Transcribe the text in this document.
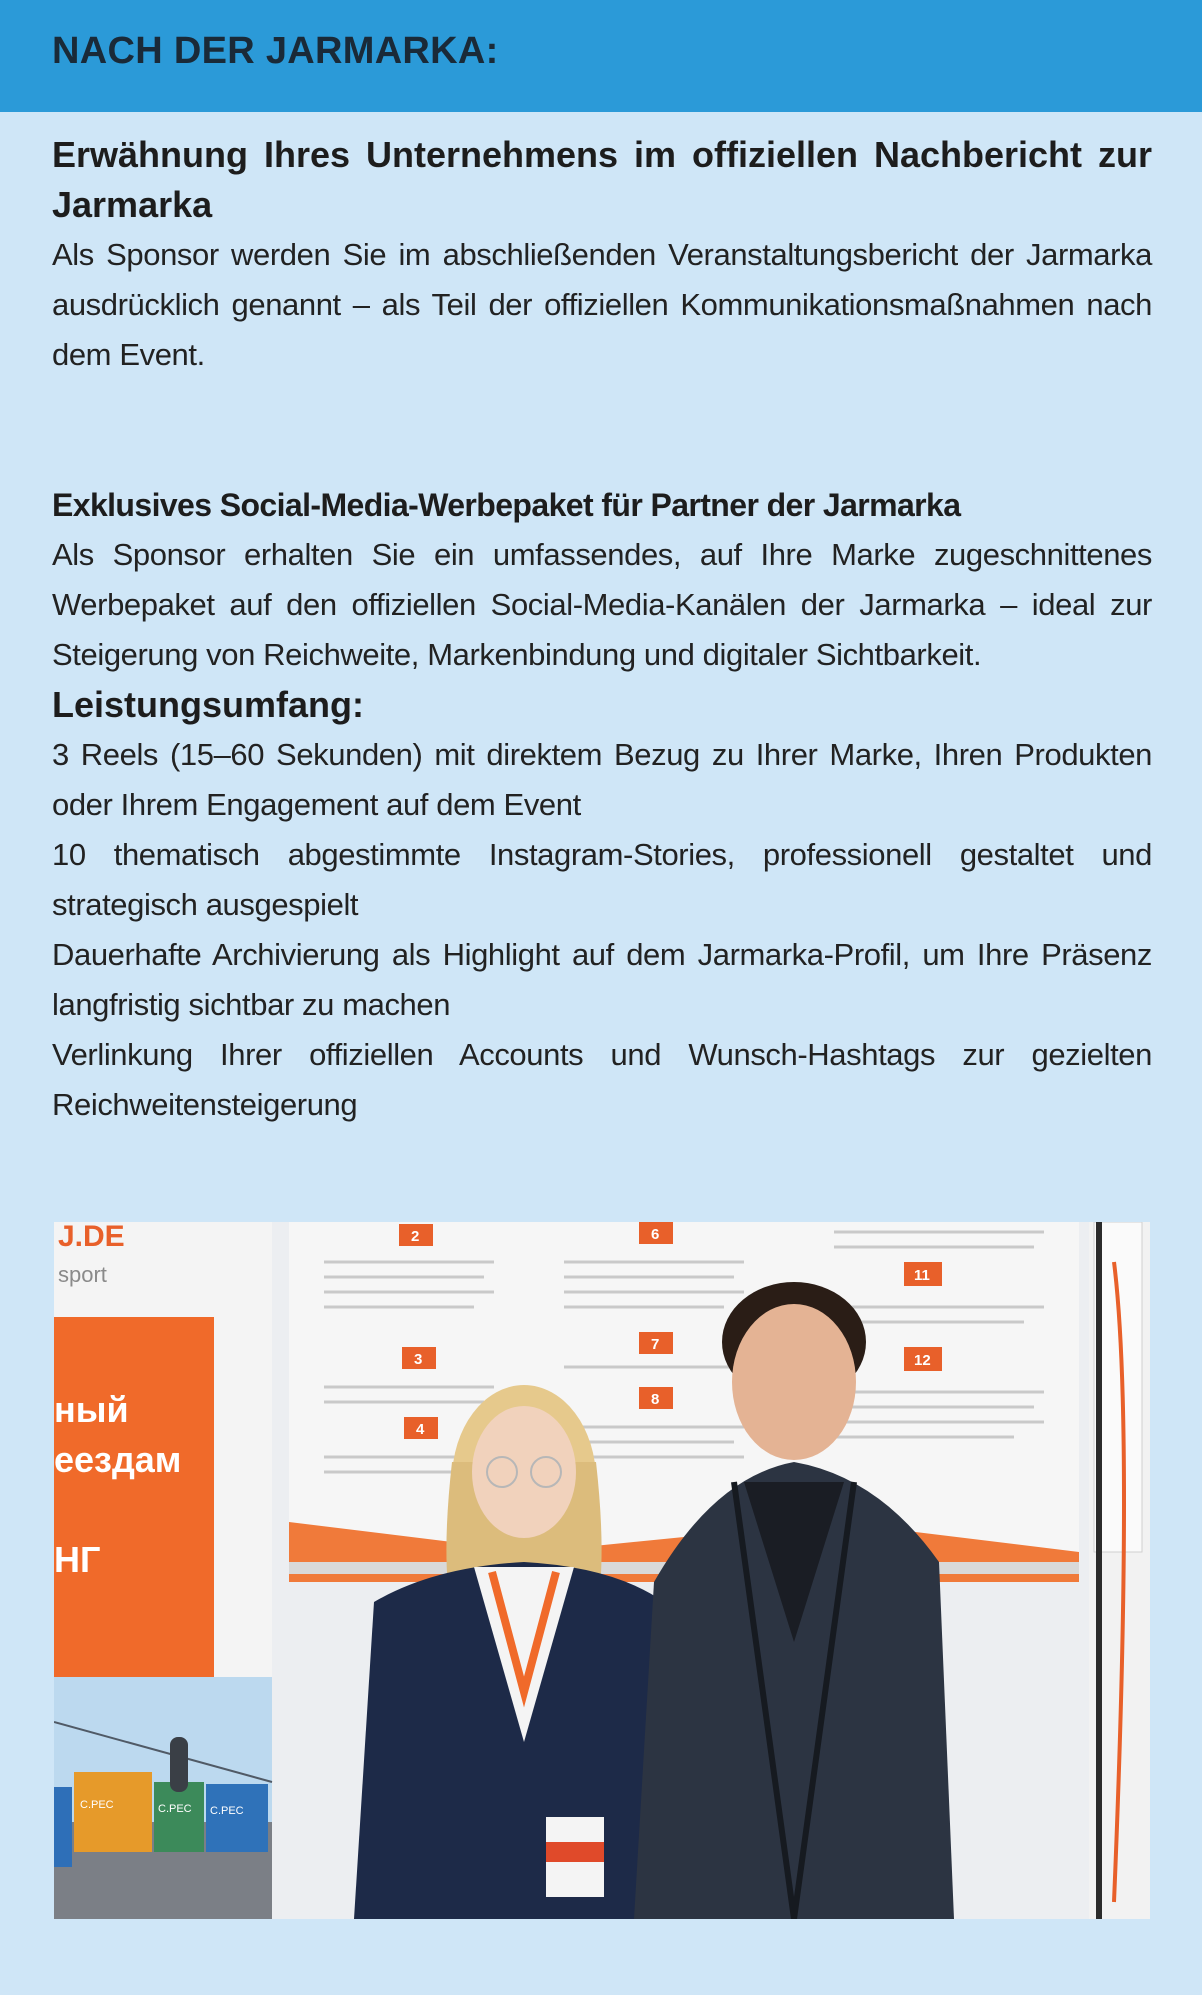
NACH DER JARMARKA:

Erwähnung Ihres Unternehmens im offiziellen Nachbericht zur Jarmarka

Als Sponsor werden Sie im abschließenden Veranstaltungsbericht der Jarmarka ausdrücklich genannt – als Teil der offiziellen Kommunikationsmaßnahmen nach dem Event.

Exklusives Social-Media-Werbepaket für Partner der Jarmarka

Als Sponsor erhalten Sie ein umfassendes, auf Ihre Marke zugeschnittenes Werbepaket auf den offiziellen Social-Media-Kanälen der Jarmarka – ideal zur Steigerung von Reichweite, Markenbindung und digitaler Sichtbarkeit.

Leistungsumfang:

3 Reels (15–60 Sekunden) mit direktem Bezug zu Ihrer Marke, Ihren Produkten oder Ihrem Engagement auf dem Event

10 thematisch abgestimmte Instagram-Stories, professionell gestaltet und strategisch ausgespielt

Dauerhafte Archivierung als Highlight auf dem Jarmarka-Profil, um Ihre Präsenz langfristig sichtbar zu machen

Verlinkung Ihrer offiziellen Accounts und Wunsch-Hashtags zur gezielten Reichweitensteigerung

J.DE
sport
ный
еездам
НГ
С.РЕС	С.РЕС С.РЕС
2
3
4
6
7
8
11
12
